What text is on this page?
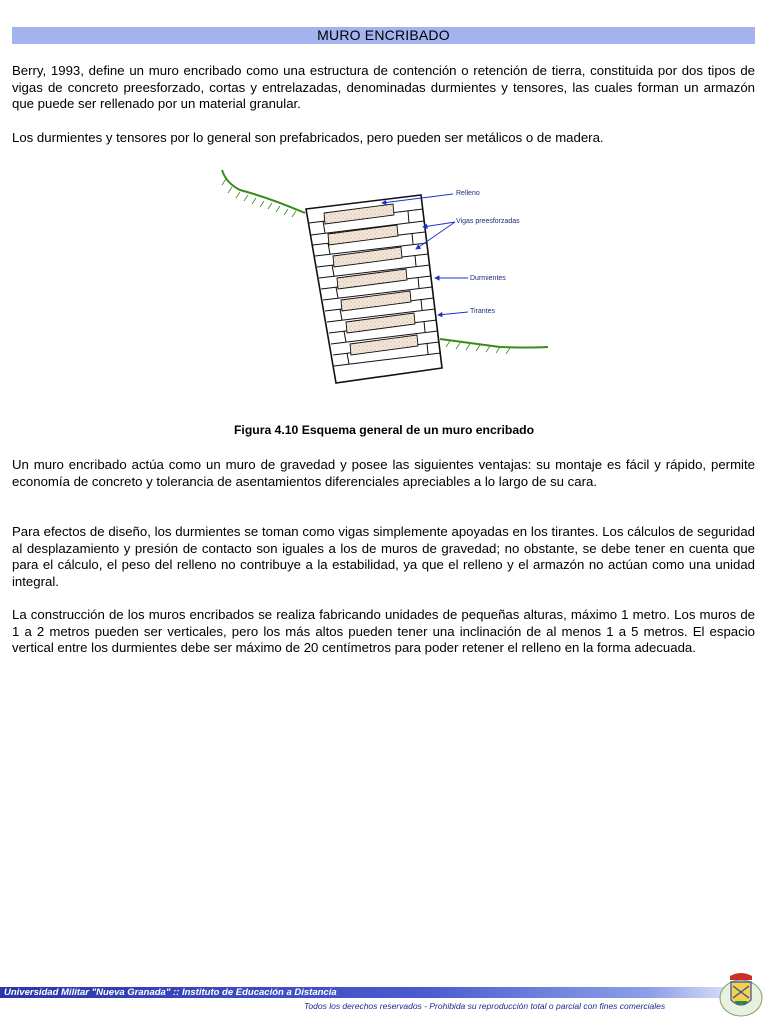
MURO ENCRIBADO

Berry, 1993, define un muro encribado como una estructura de contención o retención de tierra, constituida por dos tipos de vigas de concreto preesforzado, cortas y entrelazadas, denominadas durmientes y tensores, las cuales forman un armazón que puede ser rellenado por un material granular.

Los durmientes y tensores por lo general son prefabricados, pero pueden ser metálicos o de madera.

Relleno
Vigas preesforzadas
Durmientes
Tirantes
Figura 4.10 Esquema general de un muro encribado

Un muro encribado actúa como un muro de gravedad y posee las siguientes ventajas: su montaje es fácil y rápido, permite economía de concreto y tolerancia de asentamientos diferenciales apreciables a lo largo de su cara.

Para efectos de diseño, los durmientes se toman como vigas simplemente apoyadas en los tirantes. Los cálculos de seguridad al desplazamiento y presión de contacto son iguales a los de muros de gravedad; no obstante, se debe tener en cuenta que para el cálculo, el peso del relleno no contribuye a la estabilidad, ya que el relleno y el armazón no actúan como una unidad integral.

La construcción de los muros encribados se realiza fabricando unidades de pequeñas alturas, máximo 1 metro. Los muros de 1 a 2 metros pueden ser verticales, pero los más altos pueden tener una inclinación de al menos 1 a 5 metros. El espacio vertical entre los durmientes debe ser máximo de 20 centímetros para poder retener el relleno en la forma adecuada.

Universidad Militar "Nueva Granada" :: Instituto de Educación a Distancia
Todos los derechos reservados - Prohibida su reproducción total o parcial con fines comerciales
